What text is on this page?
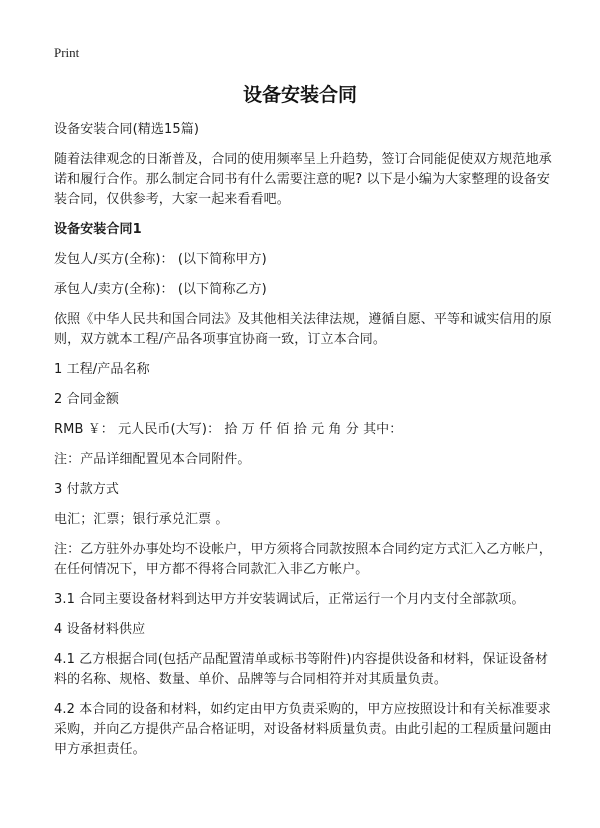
Print
设备安装合同

设备安装合同(精选15篇)

随着法律观念的日渐普及，合同的使用频率呈上升趋势，签订合同能促使双方规范地承诺和履行合作。那么制定合同书有什么需要注意的呢? 以下是小编为大家整理的设备安装合同，仅供参考，大家一起来看看吧。

设备安装合同1

发包人/买方(全称)： (以下简称甲方)

承包人/卖方(全称)： (以下简称乙方)

依照《中华人民共和国合同法》及其他相关法律法规，遵循自愿、平等和诚实信用的原则，双方就本工程/产品各项事宜协商一致，订立本合同。

1 工程/产品名称

2 合同金额

RMB ￥： 元人民币(大写)： 拾 万 仟 佰 拾 元 角 分 其中：

注：产品详细配置见本合同附件。

3 付款方式

电汇；汇票；银行承兑汇票 。

注：乙方驻外办事处均不设帐户，甲方须将合同款按照本合同约定方式汇入乙方帐户，在任何情况下，甲方都不得将合同款汇入非乙方帐户。

3.1 合同主要设备材料到达甲方并安装调试后，正常运行一个月内支付全部款项。

4 设备材料供应

4.1 乙方根据合同(包括产品配置清单或标书等附件)内容提供设备和材料，保证设备材料的名称、规格、数量、单价、品牌等与合同相符并对其质量负责。

4.2 本合同的设备和材料，如约定由甲方负责采购的，甲方应按照设计和有关标准要求采购，并向乙方提供产品合格证明，对设备材料质量负责。由此引起的工程质量问题由甲方承担责任。
